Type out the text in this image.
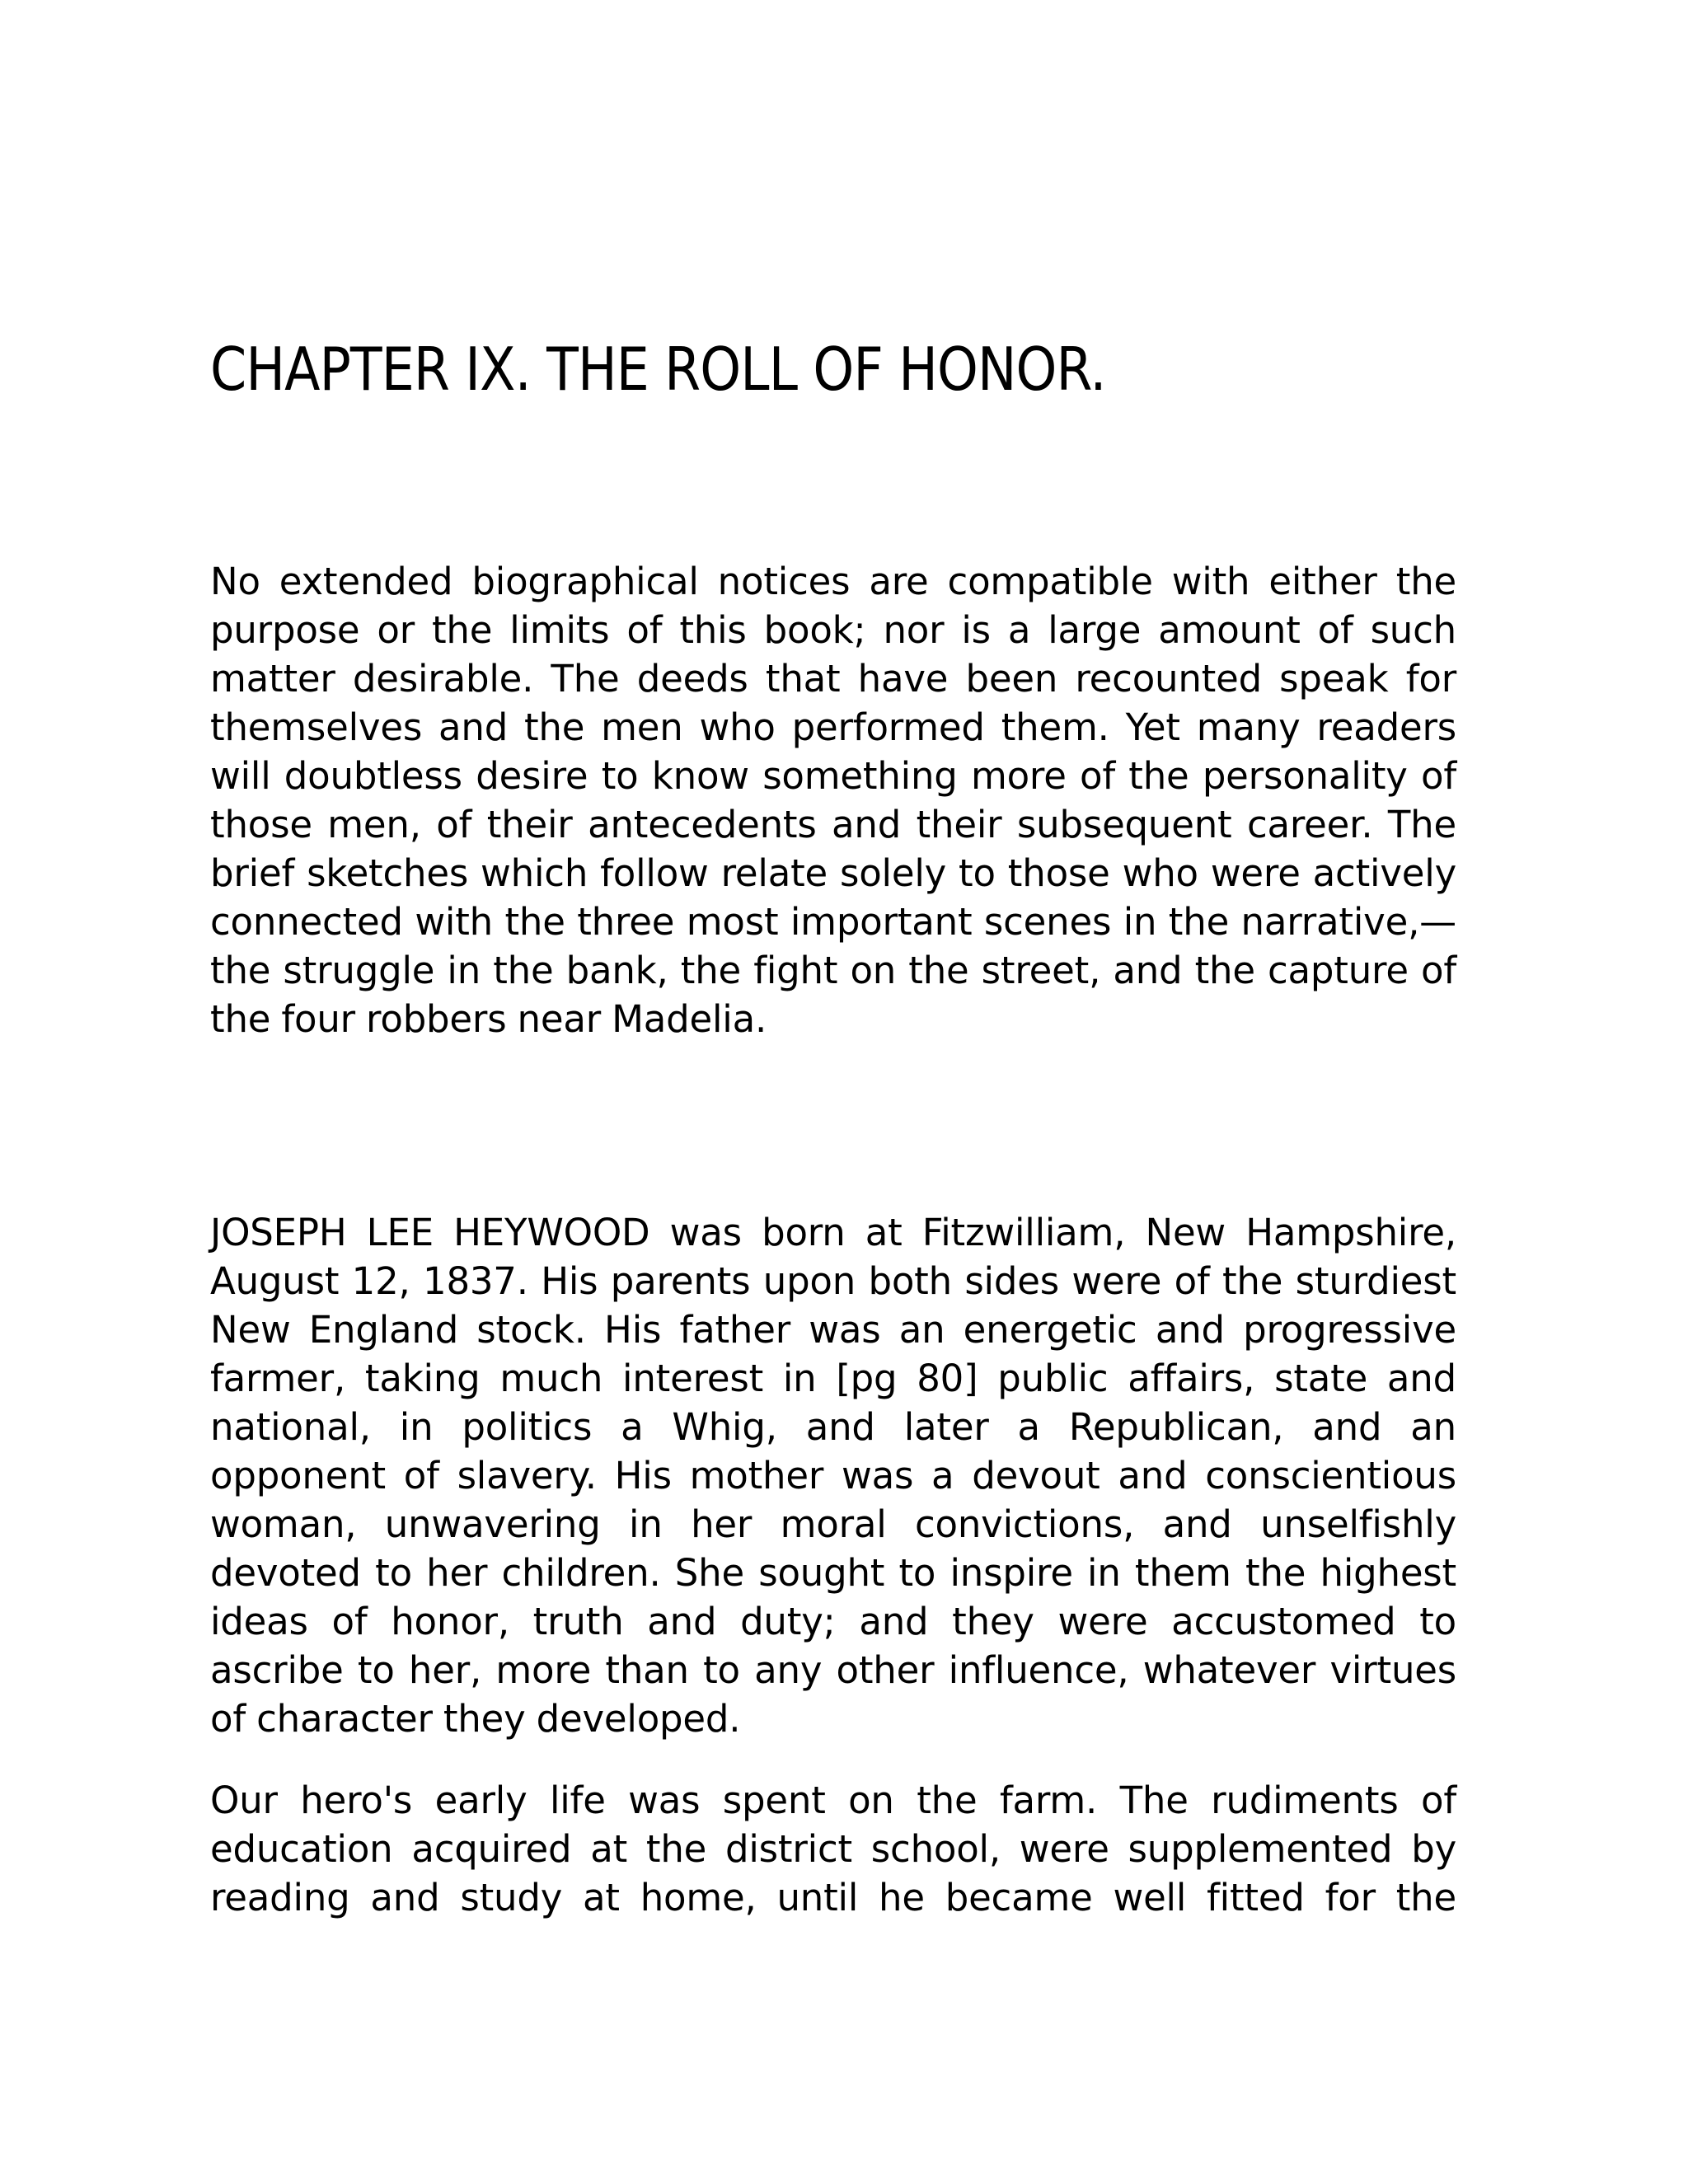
CHAPTER IX. THE ROLL OF HONOR.

No extended biographical notices are compatible with either the purpose or the limits of this book; nor is a large amount of such matter desirable. The deeds that have been recounted speak for themselves and the men who performed them. Yet many readers will doubtless desire to know something more of the personality of those men, of their antecedents and their subsequent career. The brief sketches which follow relate solely to those who were actively connected with the three most important scenes in the narrative,— the struggle in the bank, the fight on the street, and the capture of the four robbers near Madelia.

JOSEPH LEE HEYWOOD was born at Fitzwilliam, New Hampshire, August 12, 1837. His parents upon both sides were of the sturdiest New England stock. His father was an energetic and progressive farmer, taking much interest in [pg 80] public affairs, state and national, in politics a Whig, and later a Republican, and an opponent of slavery. His mother was a devout and conscientious woman, unwavering in her moral convictions, and unselfishly devoted to her children. She sought to inspire in them the highest ideas of honor, truth and duty; and they were accustomed to ascribe to her, more than to any other influence, whatever virtues of character they developed.

Our hero's early life was spent on the farm. The rudiments of education acquired at the district school, were supplemented by reading and study at home, until he became well fitted for the
